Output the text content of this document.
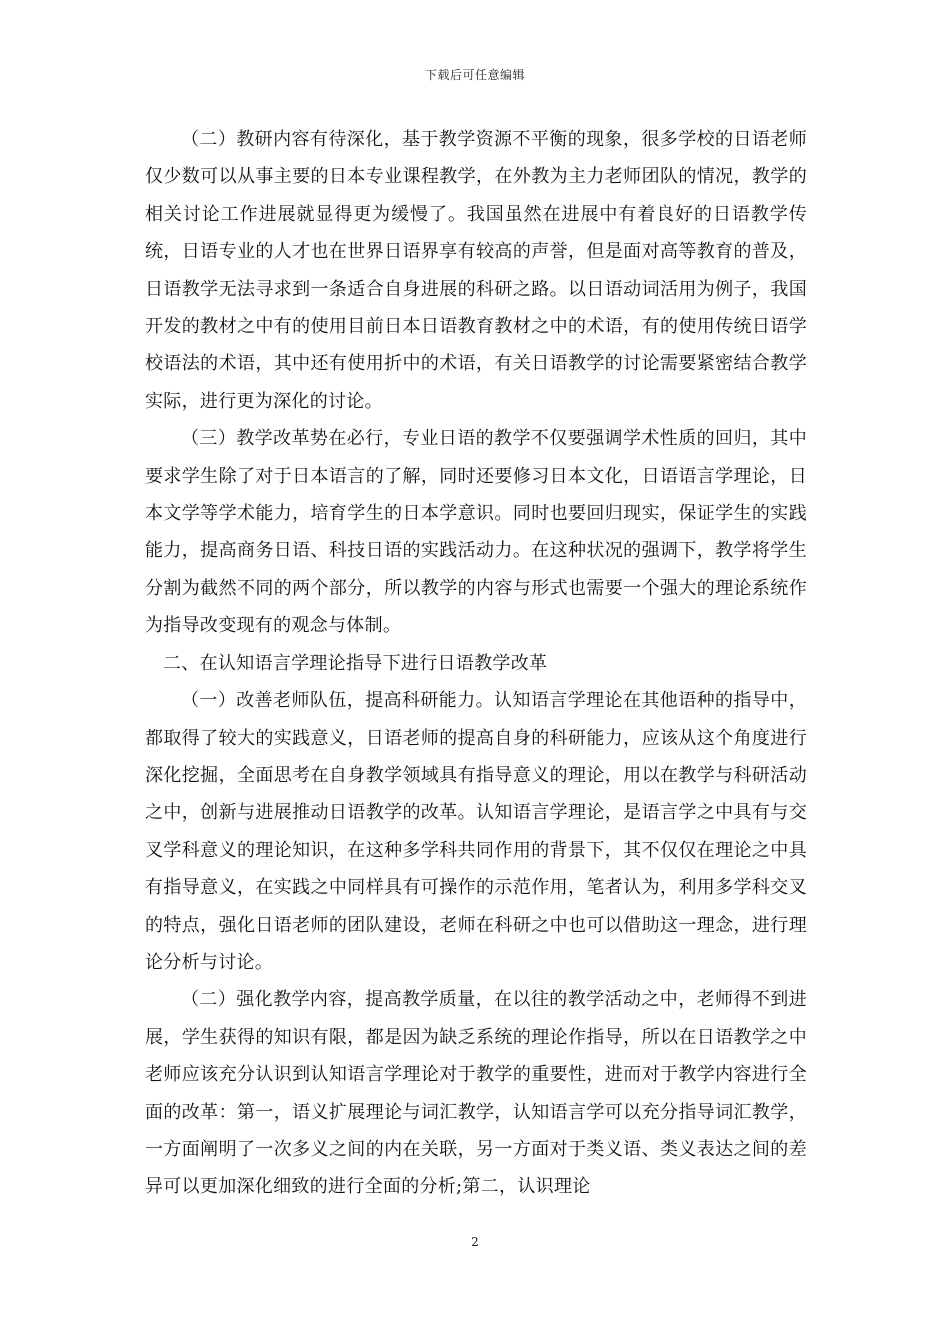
下载后可任意编辑

（二）教研内容有待深化，基于教学资源不平衡的现象，很多学校的日语老师仅少数可以从事主要的日本专业课程教学，在外教为主力老师团队的情况，教学的相关讨论工作进展就显得更为缓慢了。我国虽然在进展中有着良好的日语教学传统，日语专业的人才也在世界日语界享有较高的声誉，但是面对高等教育的普及，日语教学无法寻求到一条适合自身进展的科研之路。以日语动词活用为例子，我国开发的教材之中有的使用目前日本日语教育教材之中的术语，有的使用传统日语学校语法的术语，其中还有使用折中的术语，有关日语教学的讨论需要紧密结合教学实际，进行更为深化的讨论。

（三）教学改革势在必行，专业日语的教学不仅要强调学术性质的回归，其中要求学生除了对于日本语言的了解，同时还要修习日本文化，日语语言学理论，日本文学等学术能力，培育学生的日本学意识。同时也要回归现实，保证学生的实践能力，提高商务日语、科技日语的实践活动力。在这种状况的强调下，教学将学生分割为截然不同的两个部分，所以教学的内容与形式也需要一个强大的理论系统作为指导改变现有的观念与体制。

二、在认知语言学理论指导下进行日语教学改革

（一）改善老师队伍，提高科研能力。认知语言学理论在其他语种的指导中，都取得了较大的实践意义，日语老师的提高自身的科研能力，应该从这个角度进行深化挖掘，全面思考在自身教学领域具有指导意义的理论，用以在教学与科研活动之中，创新与进展推动日语教学的改革。认知语言学理论，是语言学之中具有与交叉学科意义的理论知识，在这种多学科共同作用的背景下，其不仅仅在理论之中具有指导意义，在实践之中同样具有可操作的示范作用，笔者认为，利用多学科交叉的特点，强化日语老师的团队建设，老师在科研之中也可以借助这一理念，进行理论分析与讨论。

（二）强化教学内容，提高教学质量，在以往的教学活动之中，老师得不到进展，学生获得的知识有限，都是因为缺乏系统的理论作指导，所以在日语教学之中老师应该充分认识到认知语言学理论对于教学的重要性，进而对于教学内容进行全面的改革：第一，语义扩展理论与词汇教学，认知语言学可以充分指导词汇教学，一方面阐明了一次多义之间的内在关联，另一方面对于类义语、类义表达之间的差异可以更加深化细致的进行全面的分析;第二，认识理论

2
